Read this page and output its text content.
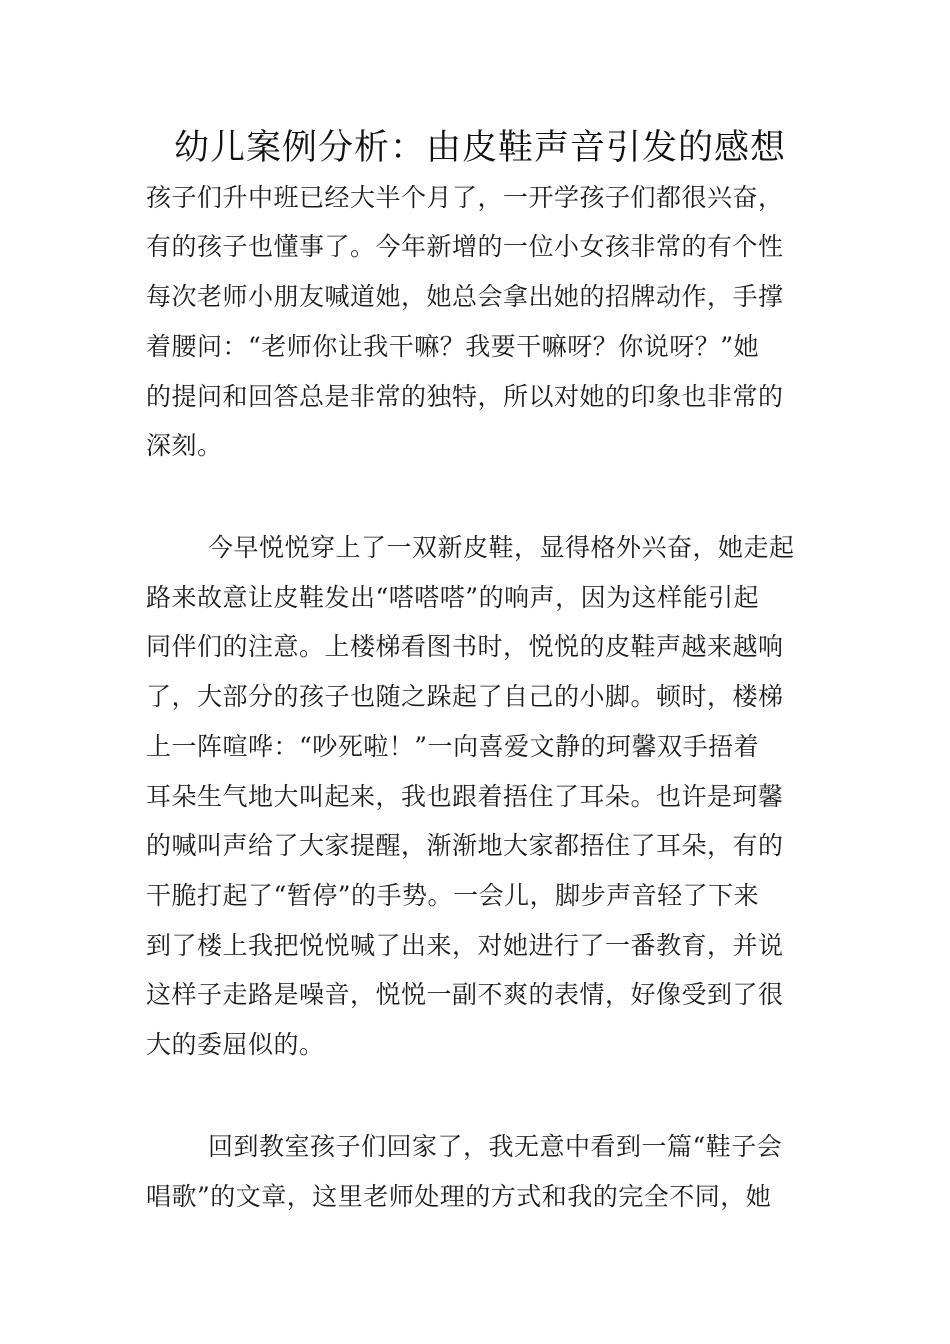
幼儿案例分析：由皮鞋声音引发的感想
孩子们升中班已经大半个月了，一开学孩子们都很兴奋，
有的孩子也懂事了。今年新增的一位小女孩非常的有个性
每次老师小朋友喊道她，她总会拿出她的招牌动作，手撑
着腰问：“老师你让我干嘛？我要干嘛呀？你说呀？”她
的提问和回答总是非常的独特，所以对她的印象也非常的
深刻。
今早悦悦穿上了一双新皮鞋，显得格外兴奋，她走起
路来故意让皮鞋发出“嗒嗒嗒”的响声，因为这样能引起
同伴们的注意。上楼梯看图书时，悦悦的皮鞋声越来越响
了，大部分的孩子也随之跺起了自己的小脚。顿时，楼梯
上一阵喧哗：“吵死啦！”一向喜爱文静的珂馨双手捂着
耳朵生气地大叫起来，我也跟着捂住了耳朵。也许是珂馨
的喊叫声给了大家提醒，渐渐地大家都捂住了耳朵，有的
干脆打起了“暂停”的手势。一会儿，脚步声音轻了下来
到了楼上我把悦悦喊了出来，对她进行了一番教育，并说
这样子走路是噪音，悦悦一副不爽的表情，好像受到了很
大的委屈似的。
回到教室孩子们回家了，我无意中看到一篇“鞋子会
唱歌”的文章，这里老师处理的方式和我的完全不同，她
